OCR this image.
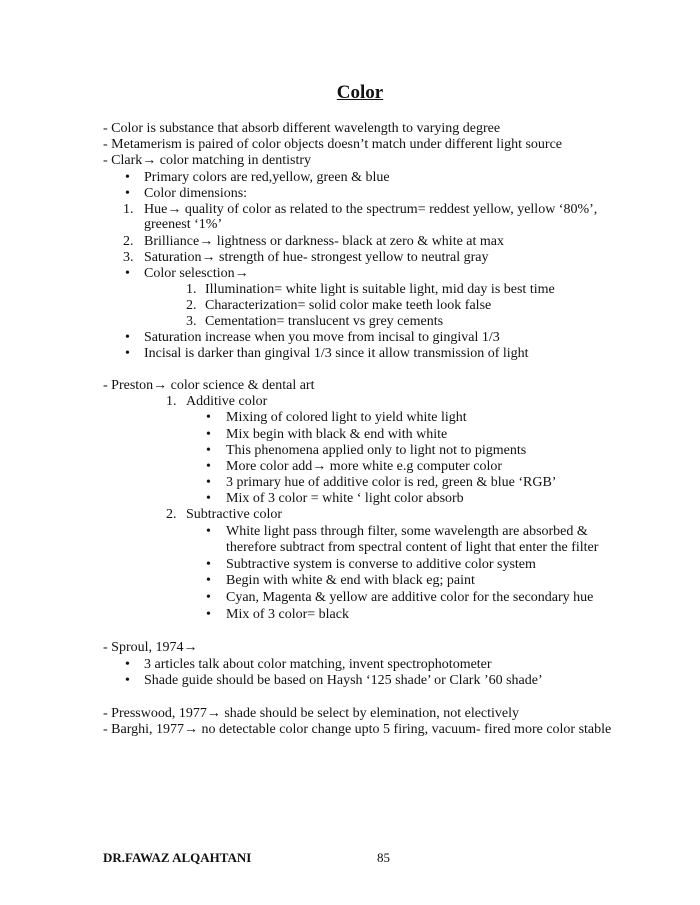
Color
- Color is substance that absorb different wavelength to varying degree
- Metamerism is paired of color objects doesn’t match under different light source
- Clark→ color matching in dentistry
• Primary colors are red,yellow, green & blue
• Color dimensions:
1. Hue→ quality of color as related to the spectrum= reddest yellow, yellow ‘80%’,
greenest ‘1%’
2. Brilliance→ lightness or darkness- black at zero & white at max
3. Saturation→ strength of hue- strongest yellow to neutral gray
• Color selesction→
1. Illumination= white light is suitable light, mid day is best time
2. Characterization= solid color make teeth look false
3. Cementation= translucent vs grey cements
• Saturation increase when you move from incisal to gingival 1/3
• Incisal is darker than gingival 1/3 since it allow transmission of light
- Preston→ color science & dental art
1. Additive color
• Mixing of colored light to yield white light
• Mix begin with black & end with white
• This phenomena applied only to light not to pigments
• More color add→ more white e.g computer color
• 3 primary hue of additive color is red, green & blue ‘RGB’
• Mix of 3 color = white ‘ light color absorb
2. Subtractive color
• White light pass through filter, some wavelength are absorbed &
therefore subtract from spectral content of light that enter the filter
• Subtractive system is converse to additive color system
• Begin with white & end with black eg; paint
• Cyan, Magenta & yellow are additive color for the secondary hue
• Mix of 3 color= black
- Sproul, 1974→
• 3 articles talk about color matching, invent spectrophotometer
• Shade guide should be based on Haysh ‘125 shade’ or Clark ’60 shade’
- Presswood, 1977→ shade should be select by elemination, not electively
- Barghi, 1977→ no detectable color change upto 5 firing, vacuum- fired more color stable
DR.FAWAZ ALQAHTANI	85
